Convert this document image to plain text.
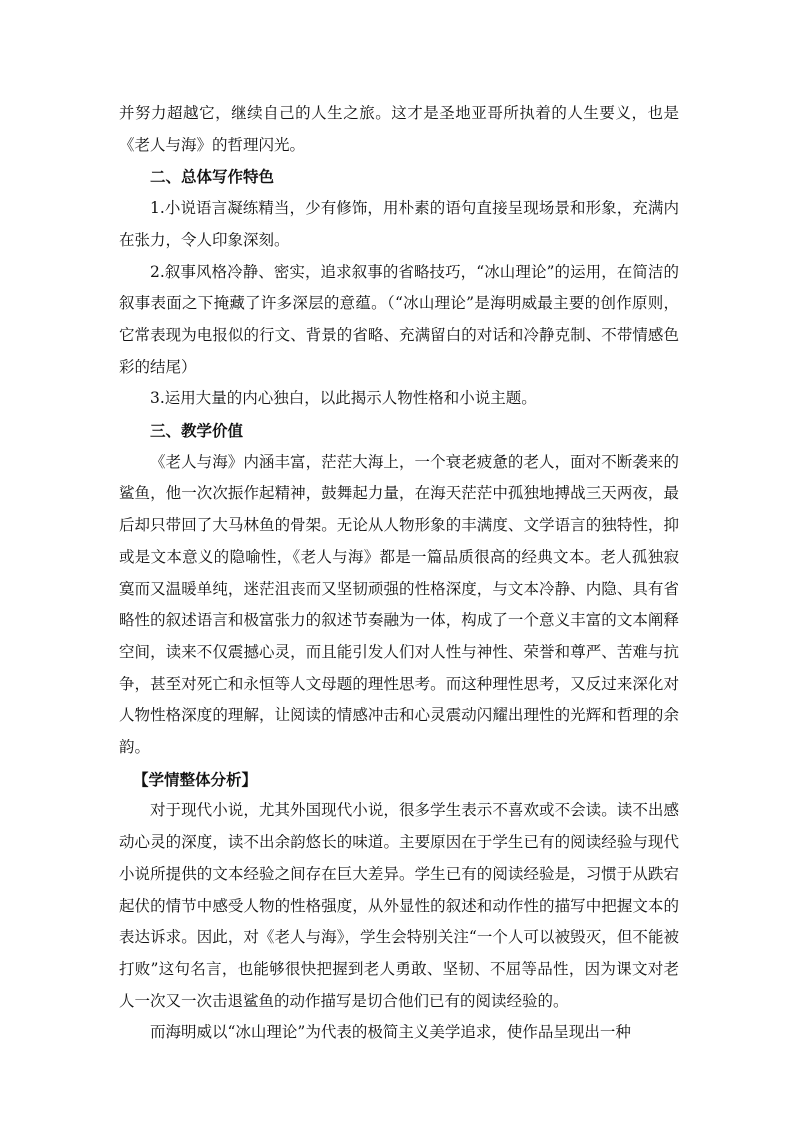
并努力超越它，继续自己的人生之旅。这才是圣地亚哥所执着的人生要义，也是《老人与海》的哲理闪光。

二、总体写作特色

1.小说语言凝练精当，少有修饰，用朴素的语句直接呈现场景和形象，充满内在张力，令人印象深刻。

2.叙事风格冷静、密实，追求叙事的省略技巧，“冰山理论”的运用，在简洁的叙事表面之下掩藏了许多深层的意蕴。（“冰山理论”是海明威最主要的创作原则，它常表现为电报似的行文、背景的省略、充满留白的对话和冷静克制、不带情感色彩的结尾）

3.运用大量的内心独白，以此揭示人物性格和小说主题。

三、教学价值

《老人与海》内涵丰富，茫茫大海上，一个衰老疲惫的老人，面对不断袭来的鲨鱼，他一次次振作起精神，鼓舞起力量，在海天茫茫中孤独地搏战三天两夜，最后却只带回了大马林鱼的骨架。无论从人物形象的丰满度、文学语言的独特性，抑或是文本意义的隐喻性，《老人与海》都是一篇品质很高的经典文本。老人孤独寂寞而又温暖单纯，迷茫沮丧而又坚韧顽强的性格深度，与文本冷静、内隐、具有省略性的叙述语言和极富张力的叙述节奏融为一体，构成了一个意义丰富的文本阐释空间，读来不仅震撼心灵，而且能引发人们对人性与神性、荣誉和尊严、苦难与抗争，甚至对死亡和永恒等人文母题的理性思考。而这种理性思考，又反过来深化对人物性格深度的理解，让阅读的情感冲击和心灵震动闪耀出理性的光辉和哲理的余韵。

【学情整体分析】

对于现代小说，尤其外国现代小说，很多学生表示不喜欢或不会读。读不出感动心灵的深度，读不出余韵悠长的味道。主要原因在于学生已有的阅读经验与现代小说所提供的文本经验之间存在巨大差异。学生已有的阅读经验是，习惯于从跌宕起伏的情节中感受人物的性格强度，从外显性的叙述和动作性的描写中把握文本的表达诉求。因此，对《老人与海》，学生会特别关注“一个人可以被毁灭，但不能被打败”这句名言，也能够很快把握到老人勇敢、坚韧、不屈等品性，因为课文对老人一次又一次击退鲨鱼的动作描写是切合他们已有的阅读经验的。

而海明威以“冰山理论”为代表的极简主义美学追求，使作品呈现出一种
